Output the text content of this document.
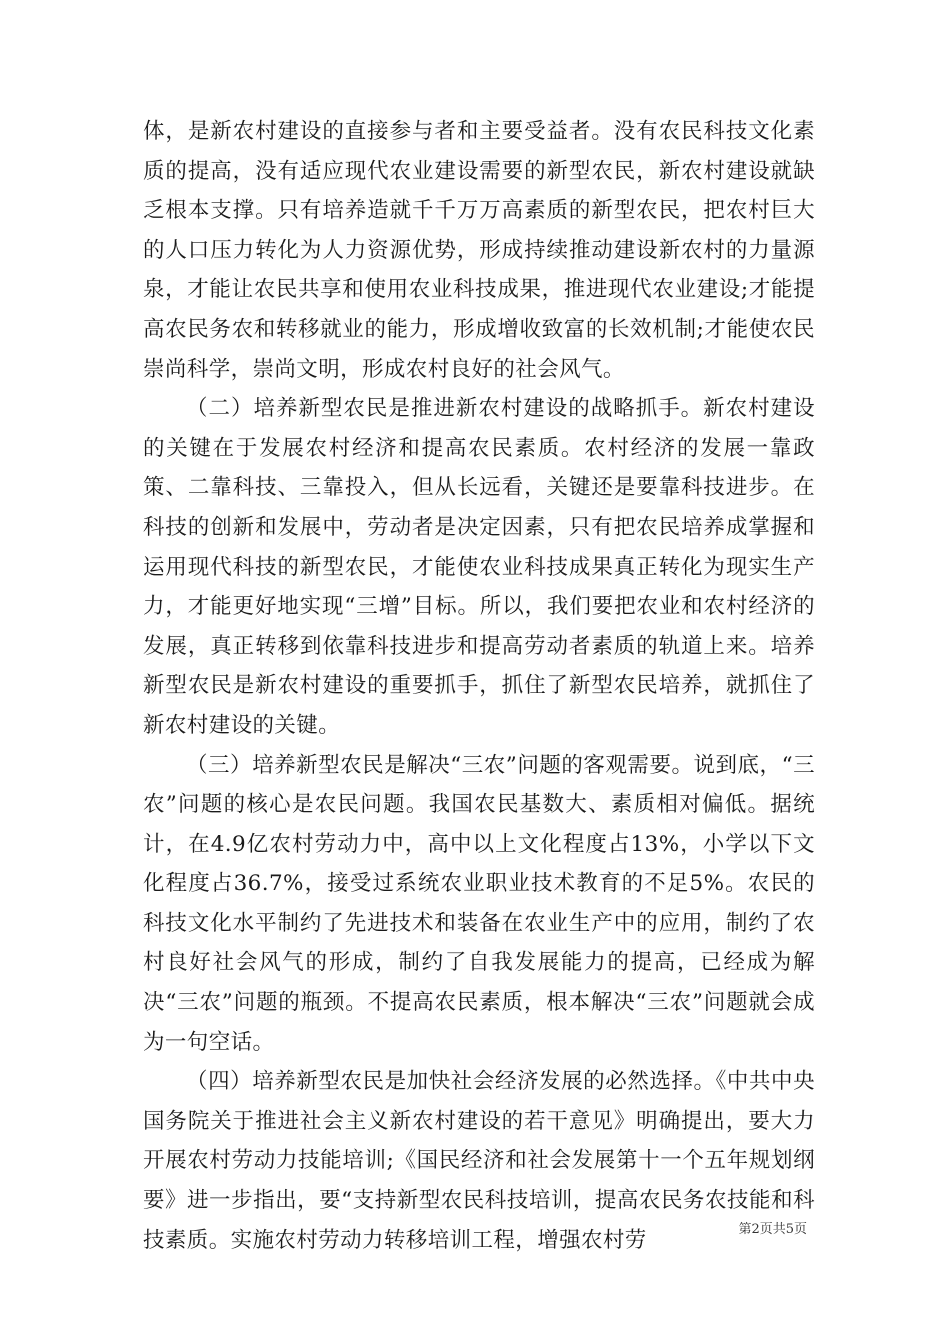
体，是新农村建设的直接参与者和主要受益者。没有农民科技文化素质的提高，没有适应现代农业建设需要的新型农民，新农村建设就缺乏根本支撑。只有培养造就千千万万高素质的新型农民，把农村巨大的人口压力转化为人力资源优势，形成持续推动建设新农村的力量源泉，才能让农民共享和使用农业科技成果，推进现代农业建设;才能提高农民务农和转移就业的能力，形成增收致富的长效机制;才能使农民崇尚科学，崇尚文明，形成农村良好的社会风气。

（二）培养新型农民是推进新农村建设的战略抓手。新农村建设的关键在于发展农村经济和提高农民素质。农村经济的发展一靠政策、二靠科技、三靠投入，但从长远看，关键还是要靠科技进步。在科技的创新和发展中，劳动者是决定因素，只有把农民培养成掌握和运用现代科技的新型农民，才能使农业科技成果真正转化为现实生产力，才能更好地实现“三增”目标。所以，我们要把农业和农村经济的发展，真正转移到依靠科技进步和提高劳动者素质的轨道上来。培养新型农民是新农村建设的重要抓手，抓住了新型农民培养，就抓住了新农村建设的关键。

（三）培养新型农民是解决“三农”问题的客观需要。说到底，“三农”问题的核心是农民问题。我国农民基数大、素质相对偏低。据统计，在4.9亿农村劳动力中，高中以上文化程度占13%，小学以下文化程度占36.7%，接受过系统农业职业技术教育的不足5%。农民的科技文化水平制约了先进技术和装备在农业生产中的应用，制约了农村良好社会风气的形成，制约了自我发展能力的提高，已经成为解决“三农”问题的瓶颈。不提高农民素质，根本解决“三农”问题就会成为一句空话。

（四）培养新型农民是加快社会经济发展的必然选择。《中共中央国务院关于推进社会主义新农村建设的若干意见》明确提出，要大力开展农村劳动力技能培训;《国民经济和社会发展第十一个五年规划纲要》进一步指出，要“支持新型农民科技培训，提高农民务农技能和科技素质。实施农村劳动力转移培训工程，增强农村劳	第2页共5页
